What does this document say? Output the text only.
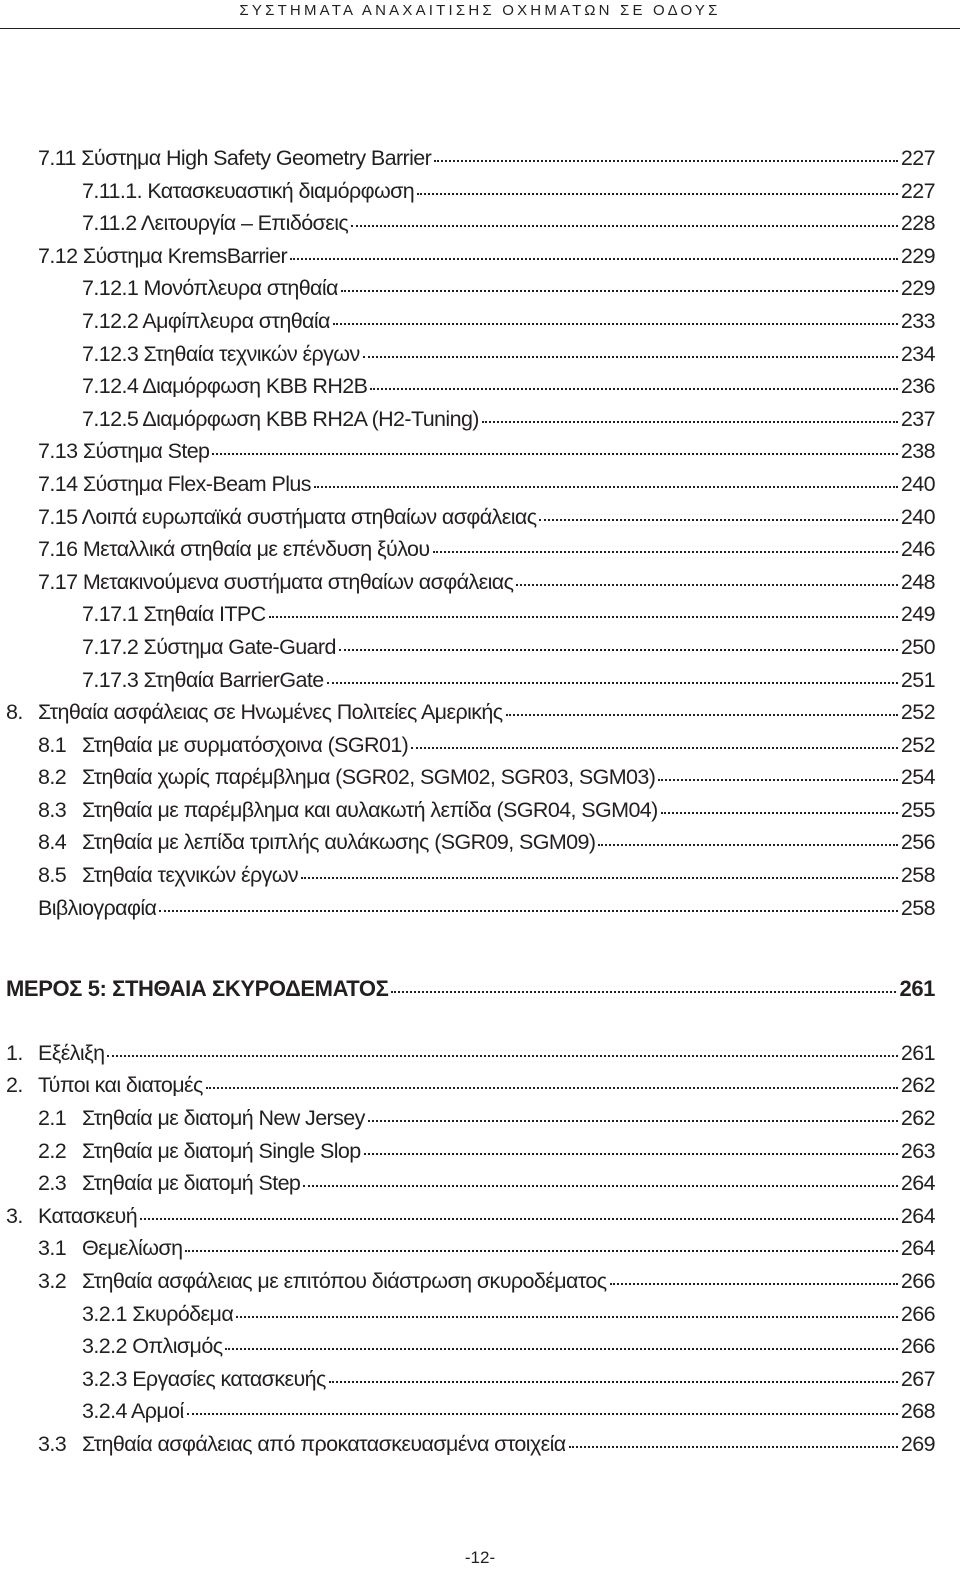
ΣΥΣΤΗΜΑΤΑ ΑΝΑΧΑΙΤΙΣΗΣ ΟΧΗΜΑΤΩΝ ΣΕ ΟΔΟΥΣ
7.11 Σύστημα High Safety Geometry Barrier	227
7.11.1. Κατασκευαστική διαμόρφωση	227
7.11.2 Λειτουργία – Επιδόσεις	228
7.12 Σύστημα KremsBarrier	229
7.12.1 Μονόπλευρα στηθαία	229
7.12.2 Αμφίπλευρα στηθαία	233
7.12.3 Στηθαία τεχνικών έργων	234
7.12.4 Διαμόρφωση KBB RH2B	236
7.12.5 Διαμόρφωση KBB RH2A (H2-Tuning)	237
7.13 Σύστημα Step	238
7.14 Σύστημα Flex-Beam Plus	240
7.15 Λοιπά ευρωπαϊκά συστήματα στηθαίων ασφάλειας	240
7.16 Μεταλλικά στηθαία με επένδυση ξύλου	246
7.17 Μετακινούμενα συστήματα στηθαίων ασφάλειας	248
7.17.1 Στηθαία ITPC	249
7.17.2 Σύστημα Gate-Guard	250
7.17.3 Στηθαία BarrierGate	251
8. Στηθαία ασφάλειας σε Ηνωμένες Πολιτείες Αμερικής	252
8.1 Στηθαία με συρματόσχοινα (SGR01)	252
8.2 Στηθαία χωρίς παρέμβλημα (SGR02, SGM02, SGR03, SGM03)	254
8.3 Στηθαία με παρέμβλημα και αυλακωτή λεπίδα (SGR04, SGM04)	255
8.4 Στηθαία με λεπίδα τριπλής αυλάκωσης (SGR09, SGM09)	256
8.5 Στηθαία τεχνικών έργων	258
Βιβλιογραφία	258
ΜΕΡΟΣ 5: ΣΤΗΘΑΙΑ ΣΚΥΡΟΔΕΜΑΤΟΣ	261
1. Εξέλιξη	261
2. Τύποι και διατομές	262
2.1 Στηθαία με διατομή New Jersey	262
2.2 Στηθαία με διατομή Single Slop	263
2.3 Στηθαία με διατομή Step	264
3. Κατασκευή	264
3.1 Θεμελίωση	264
3.2 Στηθαία ασφάλειας με επιτόπου διάστρωση σκυροδέματος	266
3.2.1 Σκυρόδεμα	266
3.2.2 Οπλισμός	266
3.2.3 Εργασίες κατασκευής	267
3.2.4 Αρμοί	268
3.3 Στηθαία ασφάλειας από προκατασκευασμένα στοιχεία	269
-12-
